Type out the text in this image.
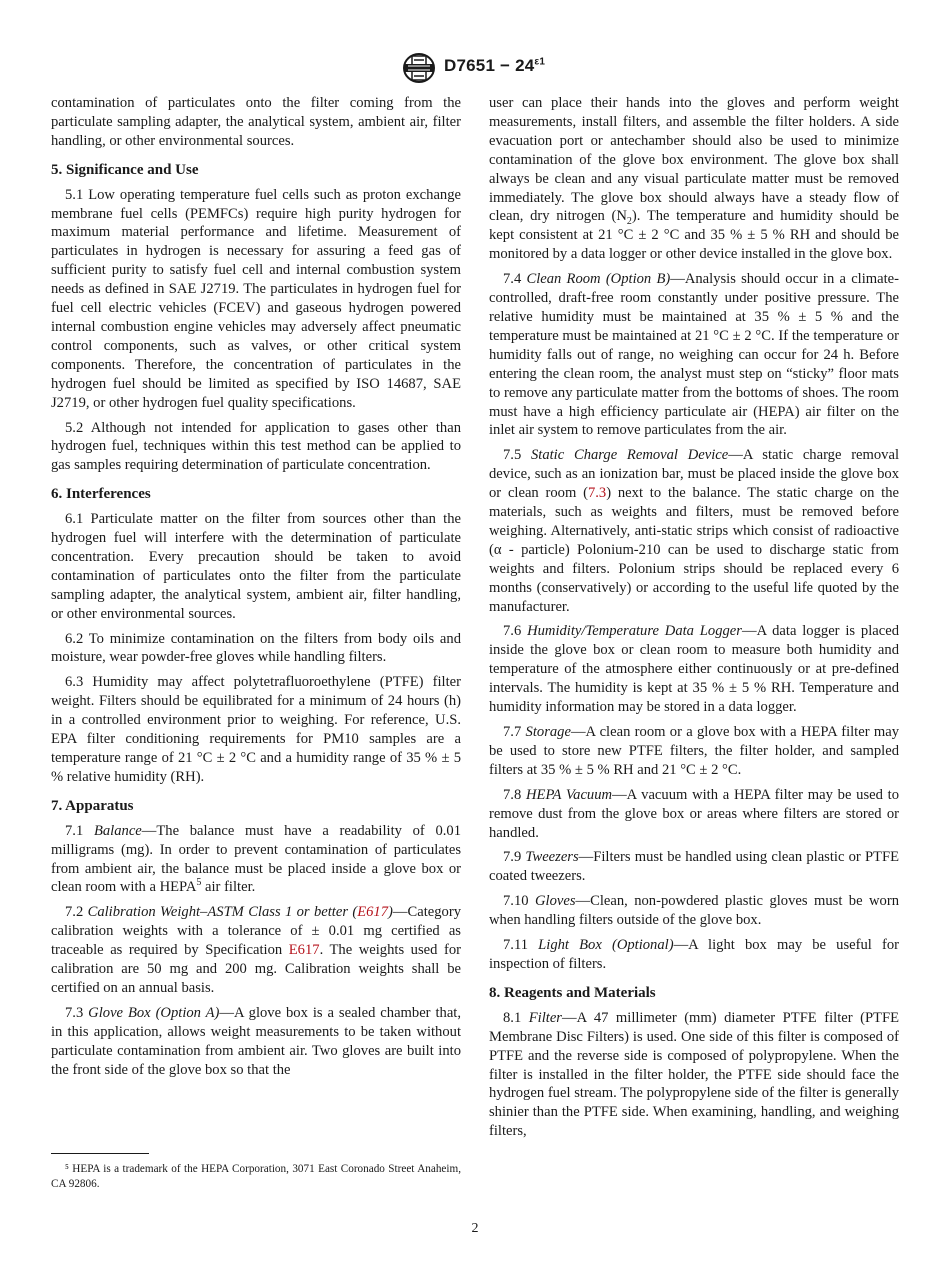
$D7651 - 24^{\varepsilon 1}$

contamination of particulates onto the filter coming from the particulate sampling adapter, the analytical system, ambient air, filter handling, or other environmental sources.

5. Significance and Use

5.1 Low operating temperature fuel cells such as proton exchange membrane fuel cells (PEMFCs) require high purity hydrogen for maximum material performance and lifetime. Measurement of particulates in hydrogen is necessary for assuring a feed gas of sufficient purity to satisfy fuel cell and internal combustion system needs as defined in SAE J2719. The particulates in hydrogen fuel for fuel cell electric vehicles (FCEV) and gaseous hydrogen powered internal combustion engine vehicles may adversely affect pneumatic control components, such as valves, or other critical system components. Therefore, the concentration of particulates in the hydrogen fuel should be limited as specified by ISO 14687, SAE J2719, or other hydrogen fuel quality specifications.

5.2 Although not intended for application to gases other than hydrogen fuel, techniques within this test method can be applied to gas samples requiring determination of particulate concentration.

6. Interferences

6.1 Particulate matter on the filter from sources other than the hydrogen fuel will interfere with the determination of particulate concentration. Every precaution should be taken to avoid contamination of particulates onto the filter from the particulate sampling adapter, the analytical system, ambient air, filter handling, or other environmental sources.

6.2 To minimize contamination on the filters from body oils and moisture, wear powder-free gloves while handling filters.

6.3 Humidity may affect polytetrafluoroethylene (PTFE) filter weight. Filters should be equilibrated for a minimum of 24 hours (h) in a controlled environment prior to weighing. For reference, U.S. EPA filter conditioning requirements for PM10 samples are a temperature range of 21 °C ± 2 °C and a humidity range of 35 % ± 5 % relative humidity (RH).

7. Apparatus

7.1 Balance—The balance must have a readability of 0.01 milligrams (mg). In order to prevent contamination of particulates from ambient air, the balance must be placed inside a glove box or clean room with a HEPA$^5$ air filter.

7.2 Calibration Weight–ASTM Class 1 or better (E617)—Category calibration weights with a tolerance of ± 0.01 mg certified as traceable as required by Specification E617. The weights used for calibration are 50 mg and 200 mg. Calibration weights shall be certified on an annual basis.

7.3 Glove Box (Option A)—A glove box is a sealed chamber that, in this application, allows weight measurements to be taken without particulate contamination from ambient air. Two gloves are built into the front side of the glove box so that the

⁵ HEPA is a trademark of the HEPA Corporation, 3071 East Coronado Street Anaheim, CA 92806.

user can place their hands into the gloves and perform weight measurements, install filters, and assemble the filter holders. A side evacuation port or antechamber should also be used to minimize contamination of the glove box environment. The glove box shall always be clean and any visual particulate matter must be removed immediately. The glove box should always have a steady flow of clean, dry nitrogen $(N_2)$. The temperature and humidity should be kept consistent at 21 °C ± 2 °C and 35 % ± 5 % RH and should be monitored by a data logger or other device installed in the glove box.

7.4 Clean Room (Option B)—Analysis should occur in a climate-controlled, draft-free room constantly under positive pressure. The relative humidity must be maintained at 35 % ± 5 % and the temperature must be maintained at 21 °C ± 2 °C. If the temperature or humidity falls out of range, no weighing can occur for 24 h. Before entering the clean room, the analyst must step on “sticky” floor mats to remove any particulate matter from the bottoms of shoes. The room must have a high efficiency particulate air (HEPA) air filter on the inlet air system to remove particulates from the air.

7.5 Static Charge Removal Device—A static charge removal device, such as an ionization bar, must be placed inside the glove box or clean room (7.3) next to the balance. The static charge on the materials, such as weights and filters, must be removed before weighing. Alternatively, anti-static strips which consist of radioactive (α - particle) Polonium-210 can be used to discharge static from weights and filters. Polonium strips should be replaced every 6 months (conservatively) or according to the useful life quoted by the manufacturer.

7.6 Humidity/Temperature Data Logger—A data logger is placed inside the glove box or clean room to measure both humidity and temperature of the atmosphere either continuously or at pre-defined intervals. The humidity is kept at 35 % ± 5 % RH. Temperature and humidity information may be stored in a data logger.

7.7 Storage—A clean room or a glove box with a HEPA filter may be used to store new PTFE filters, the filter holder, and sampled filters at 35 % ± 5 % RH and 21 °C ± 2 °C.

7.8 HEPA Vacuum—A vacuum with a HEPA filter may be used to remove dust from the glove box or areas where filters are stored or handled.

7.9 Tweezers—Filters must be handled using clean plastic or PTFE coated tweezers.

7.10 Gloves—Clean, non-powdered plastic gloves must be worn when handling filters outside of the glove box.

7.11 Light Box (Optional)—A light box may be useful for inspection of filters.

8. Reagents and Materials

8.1 Filter—A 47 millimeter (mm) diameter PTFE filter (PTFE Membrane Disc Filters) is used. One side of this filter is composed of PTFE and the reverse side is composed of polypropylene. When the filter is installed in the filter holder, the PTFE side should face the hydrogen fuel stream. The polypropylene side of the filter is generally shinier than the PTFE side. When examining, handling, and weighing filters,

2
